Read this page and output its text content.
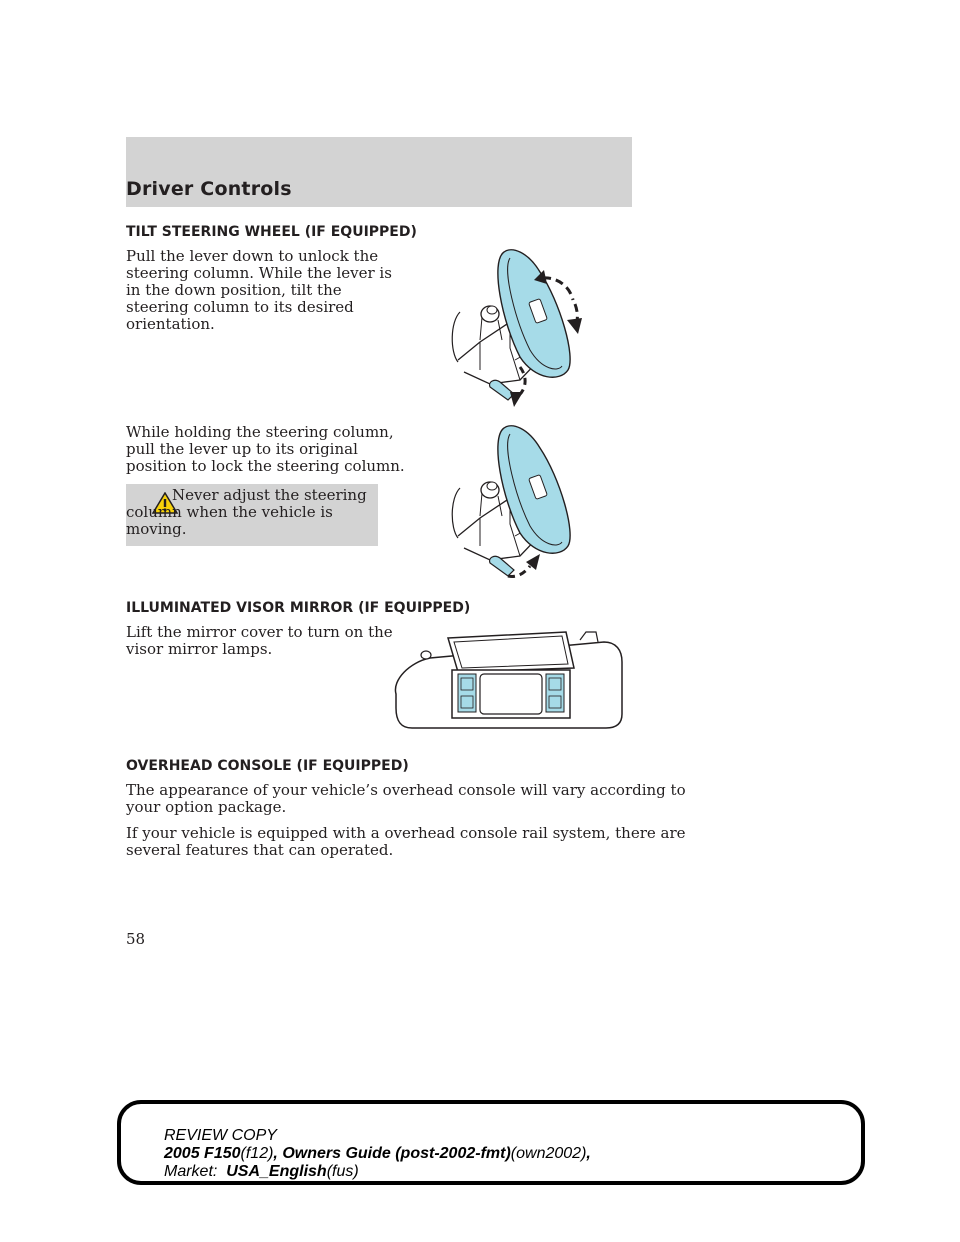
Driver Controls
TILT STEERING WHEEL (IF EQUIPPED)

Pull the lever down to unlock the
steering column. While the lever is
in the down position, tilt the
steering column to its desired
orientation.

While holding the steering column,
pull the lever up to its original
position to lock the steering column.

Never adjust the steering
column when the vehicle is
moving.

ILLUMINATED VISOR MIRROR (IF EQUIPPED)

Lift the mirror cover to turn on the
visor mirror lamps.

OVERHEAD CONSOLE (IF EQUIPPED)

The appearance of your vehicle’s overhead console will vary according to
your option package.

If your vehicle is equipped with a overhead console rail system, there are
several features that can operated.

58

REVIEW COPY

2005 F150(f12), Owners Guide (post-2002-fmt)(own2002),

Market: USA_English(fus)
